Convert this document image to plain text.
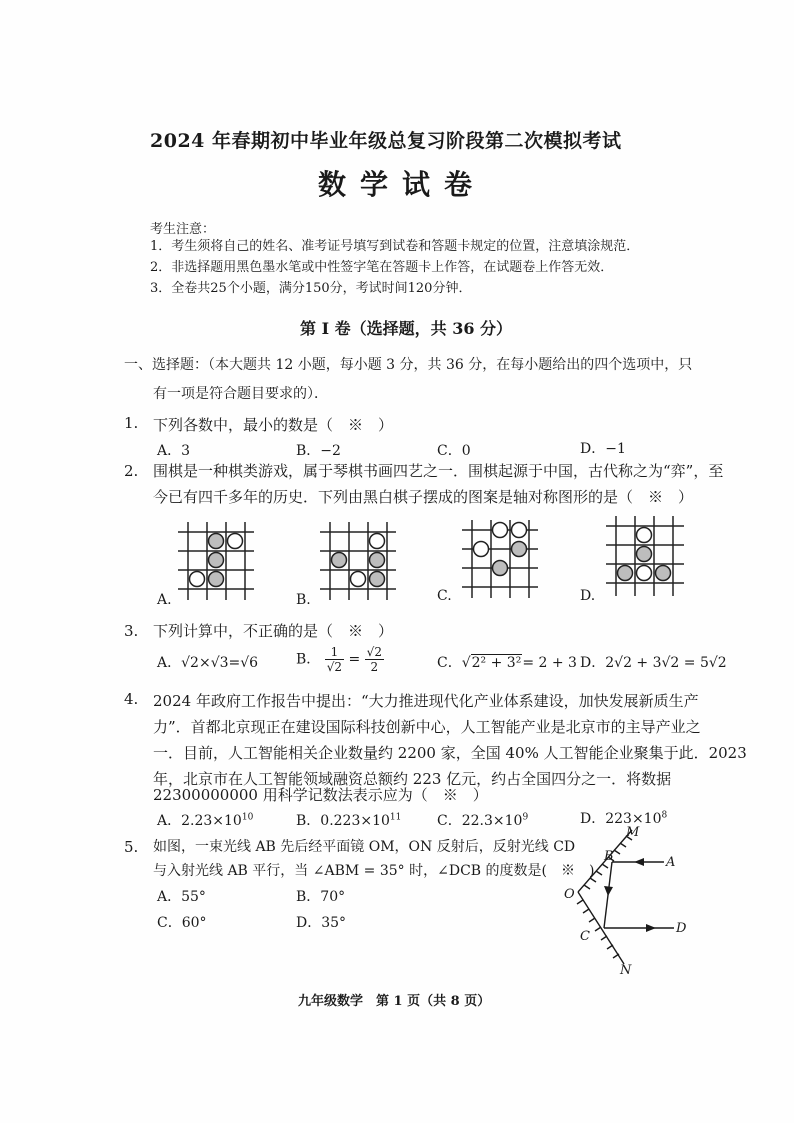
2024 年春期初中毕业年级总复习阶段第二次模拟考试
数学试卷
考生注意：
1．考生须将自己的姓名、准考证号填写到试卷和答题卡规定的位置，注意填涂规范．
2．非选择题用黑色墨水笔或中性签字笔在答题卡上作答，在试题卷上作答无效．
3．全卷共25个小题，满分150分，考试时间120分钟．
第 I 卷（选择题，共 36 分）
一、选择题：（本大题共 12 小题，每小题 3 分，共 36 分，在每小题给出的四个选项中，只
有一项是符合题目要求的）．
1. 下列各数中，最小的数是（　※　）
A．3	B．−2	C．0	D．−1
2. 围棋是一种棋类游戏，属于琴棋书画四艺之一．围棋起源于中国，古代称之为“弈”，至
今已有四千多年的历史．下列由黑白棋子摆成的图案是轴对称图形的是（　※　）
A.	B.	C.	D.
3. 下列计算中，不正确的是（　※　）
A．√2×√3=√6	B． $\frac{1}{√2} = \frac{√2}{2}$	C．√2² + 3²= 2 + 3 D．2√2 + 3√2 = 5√2
4. 2024 年政府工作报告中提出：“大力推进现代化产业体系建设，加快发展新质生产
力”．首都北京现正在建设国际科技创新中心，人工智能产业是北京市的主导产业之
一．目前，人工智能相关企业数量约 2200 家，全国 40% 人工智能企业聚集于此．2023
年，北京市在人工智能领域融资总额约 223 亿元，约占全国四分之一．将数据
22300000000 用科学记数法表示应为（　※　）
A．$2.23\times 10^{10}$	B．$0.223\times 10^{11}$	C．$22.3\times 10^9$	D．$223\times 10^8$
5. 如图，一束光线 AB 先后经平面镜 OM，ON 反射后，反射光线 CD
与入射光线 AB 平行，当 ∠ABM = 35° 时，∠DCB 的度数是(　※　)
A．55°	B．70°
C．60°	D．35°
M
A
B
O
C
D
N
九年级数学　第 1 页（共 8 页）
